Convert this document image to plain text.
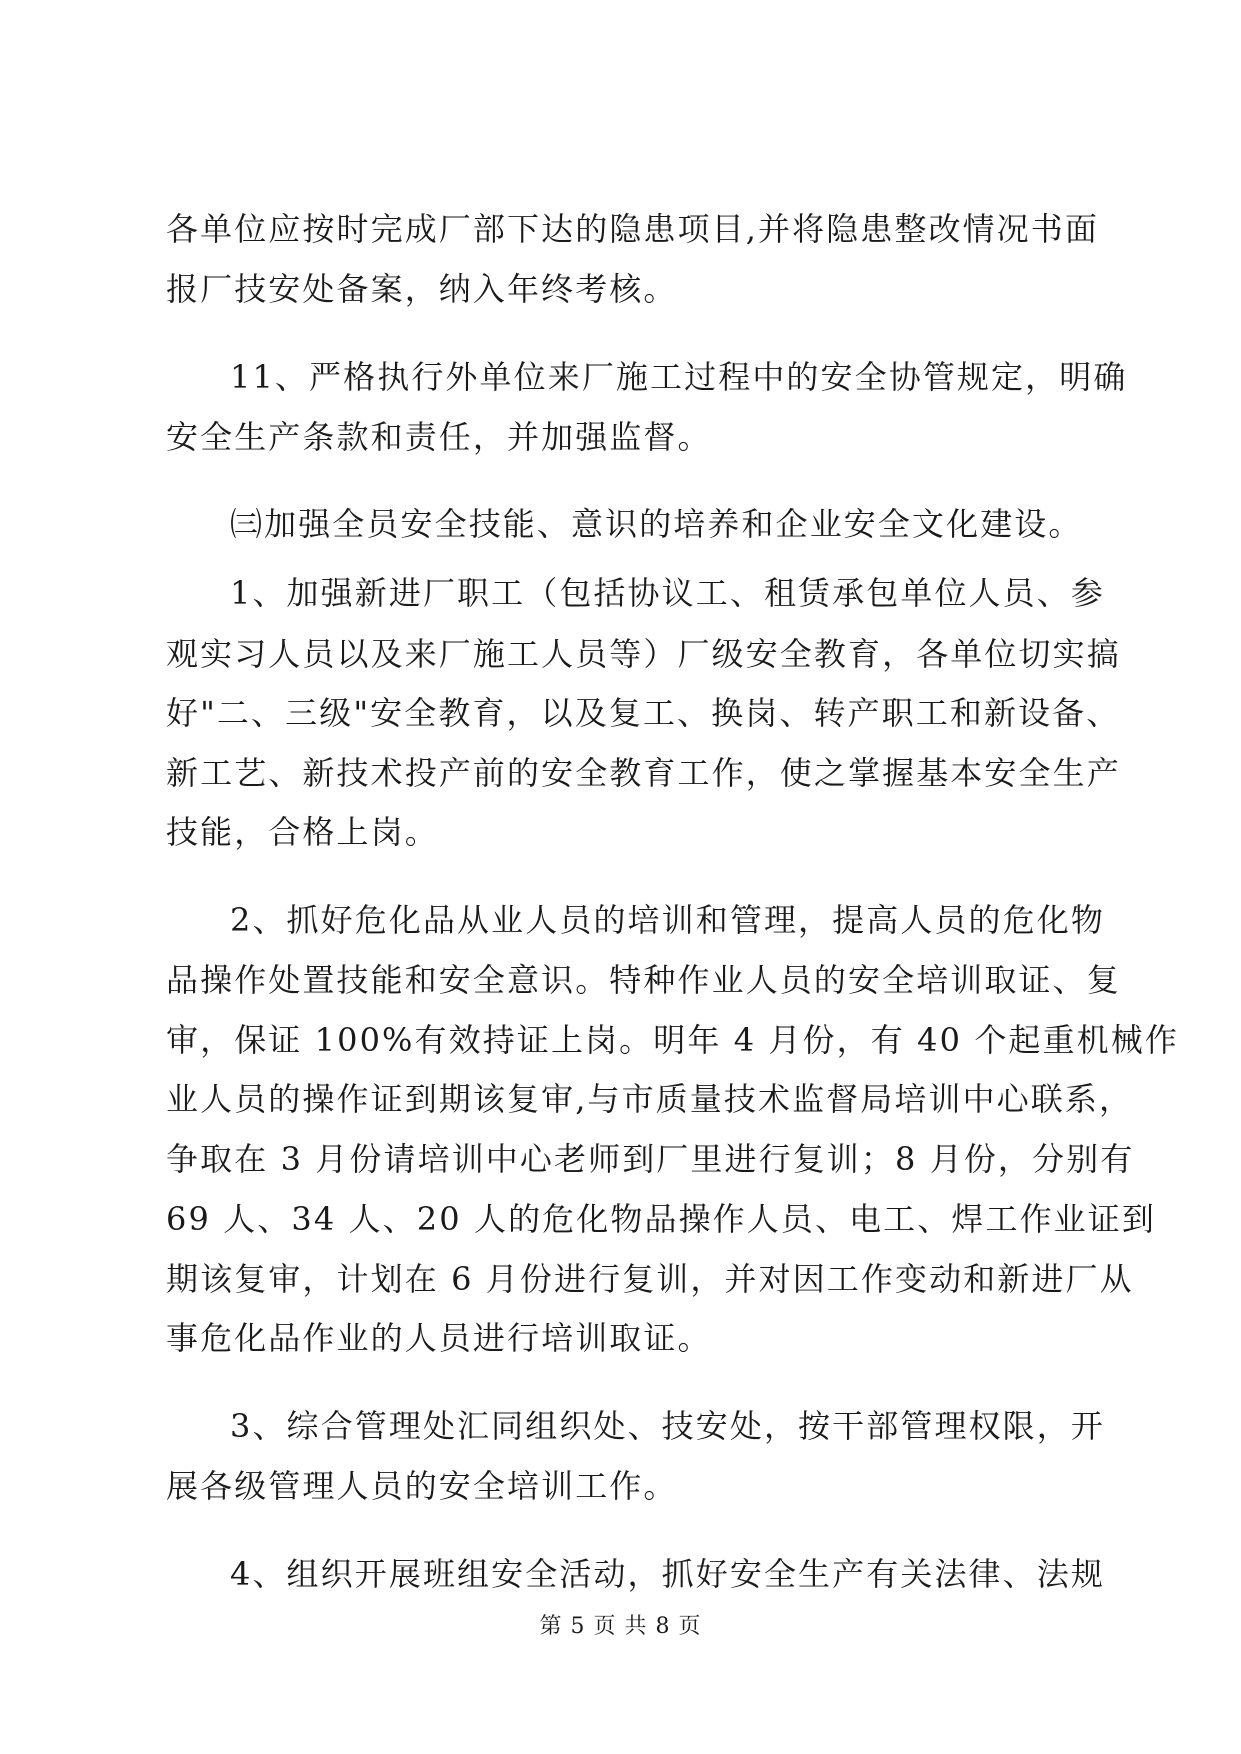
各单位应按时完成厂部下达的隐患项目,并将隐患整改情况书面
报厂技安处备案，纳入年终考核。
11、严格执行外单位来厂施工过程中的安全协管规定，明确
安全生产条款和责任，并加强监督。
㈢加强全员安全技能、意识的培养和企业安全文化建设。
1、加强新进厂职工（包括协议工、租赁承包单位人员、参
观实习人员以及来厂施工人员等）厂级安全教育，各单位切实搞
好"二、三级"安全教育，以及复工、换岗、转产职工和新设备、
新工艺、新技术投产前的安全教育工作，使之掌握基本安全生产
技能，合格上岗。
2、抓好危化品从业人员的培训和管理，提高人员的危化物
品操作处置技能和安全意识。特种作业人员的安全培训取证、复
审，保证 100%有效持证上岗。明年 4 月份，有 40 个起重机械作
业人员的操作证到期该复审,与市质量技术监督局培训中心联系，
争取在 3 月份请培训中心老师到厂里进行复训；8 月份，分别有
69 人、34 人、20 人的危化物品操作人员、电工、焊工作业证到
期该复审，计划在 6 月份进行复训，并对因工作变动和新进厂从
事危化品作业的人员进行培训取证。
3、综合管理处汇同组织处、技安处，按干部管理权限，开
展各级管理人员的安全培训工作。
4、组织开展班组安全活动，抓好安全生产有关法律、法规
第 5 页 共 8 页
